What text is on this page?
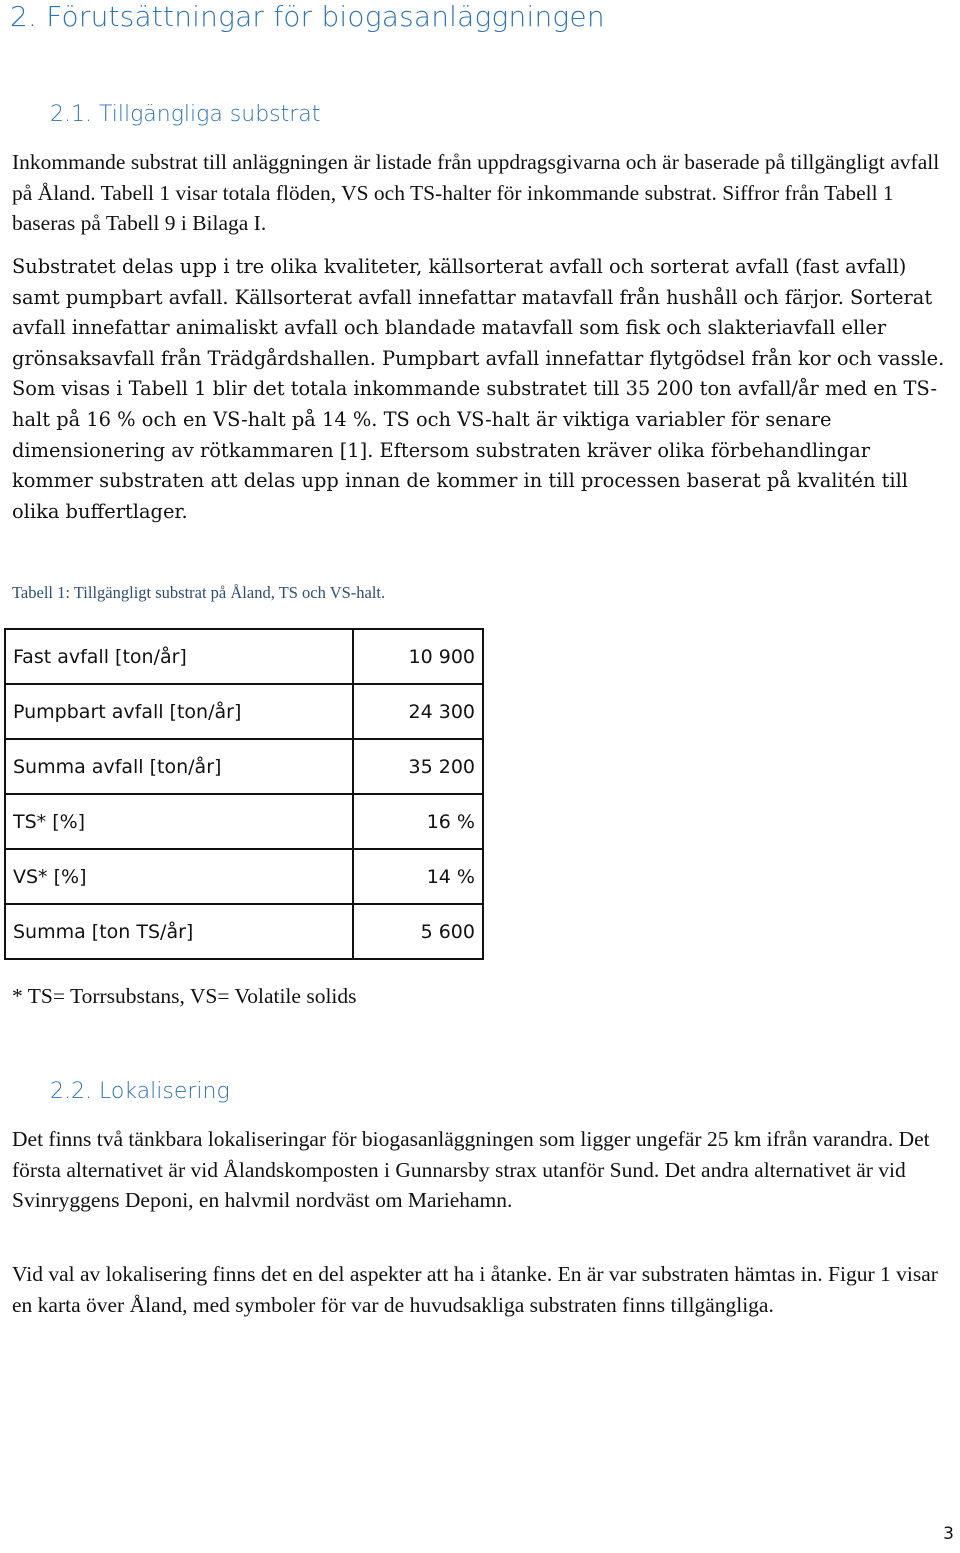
2. Förutsättningar för biogasanläggningen
2.1. Tillgängliga substrat
Inkommande substrat till anläggningen är listade från uppdragsgivarna och är baserade på tillgängligt avfall på Åland. Tabell 1 visar totala flöden, VS och TS-halter för inkommande substrat. Siffror från Tabell 1 baseras på Tabell 9 i Bilaga I.
Substratet delas upp i tre olika kvaliteter, källsorterat avfall och sorterat avfall (fast avfall) samt pumpbart avfall. Källsorterat avfall innefattar matavfall från hushåll och färjor. Sorterat avfall innefattar animaliskt avfall och blandade matavfall som fisk och slakteriavfall eller grönsaksavfall från Trädgårdshallen. Pumpbart avfall innefattar flytgödsel från kor och vassle. Som visas i Tabell 1 blir det totala inkommande substratet till 35 200 ton avfall/år med en TS-halt på 16 % och en VS-halt på 14 %. TS och VS-halt är viktiga variabler för senare dimensionering av rötkammaren [1]. Eftersom substraten kräver olika förbehandlingar kommer substraten att delas upp innan de kommer in till processen baserat på kvalitén till olika buffertlager.
Tabell 1: Tillgängligt substrat på Åland, TS och VS-halt.
Fast avfall [ton/år]	10 900
Pumpbart avfall [ton/år]	24 300
Summa avfall [ton/år]	35 200
TS* [%]	16 %
VS* [%]	14 %
Summa [ton TS/år]	5 600
* TS= Torrsubstans, VS= Volatile solids
2.2. Lokalisering
Det finns två tänkbara lokaliseringar för biogasanläggningen som ligger ungefär 25 km ifrån varandra. Det första alternativet är vid Ålandskomposten i Gunnarsby strax utanför Sund. Det andra alternativet är vid Svinryggens Deponi, en halvmil nordväst om Mariehamn.
Vid val av lokalisering finns det en del aspekter att ha i åtanke. En är var substraten hämtas in. Figur 1 visar en karta över Åland, med symboler för var de huvudsakliga substraten finns tillgängliga.
3
